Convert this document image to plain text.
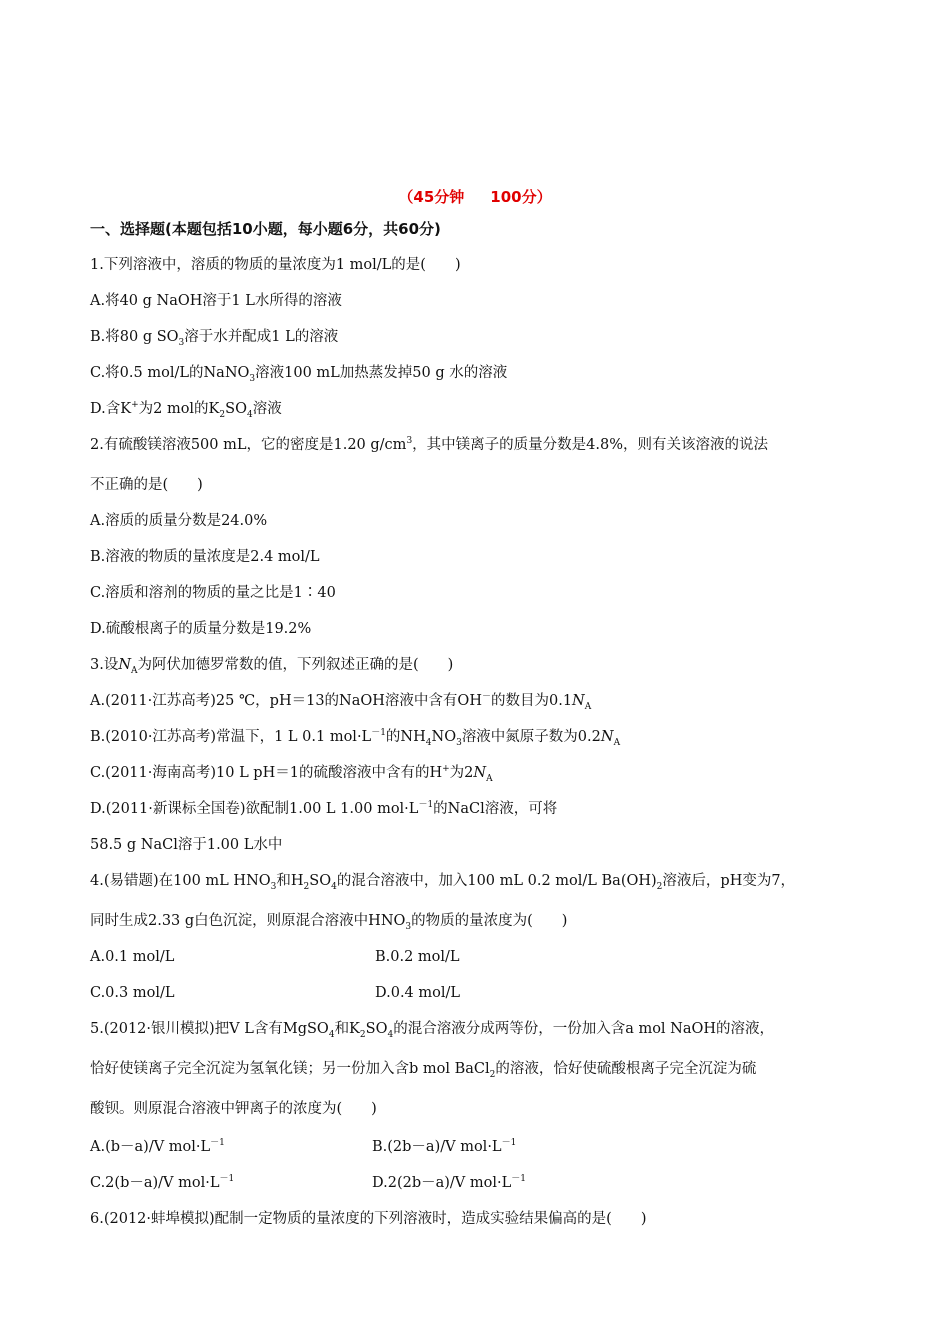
（45分钟 100分）
一、选择题(本题包括10小题，每小题6分，共60分)
1.下列溶液中，溶质的物质的量浓度为1 mol/L的是(　　)
A.将40 g NaOH溶于1 L水所得的溶液
B.将80 g $SO_3$溶于水并配成1 L的溶液
C.将0.5 mol/L的NaNO$_3$溶液100 mL加热蒸发掉50 g 水的溶液
D.含K+为2 mol的$K_2SO_4$溶液
2.有硫酸镁溶液500 mL，它的密度是1.20 $g/cm^3$，其中镁离子的质量分数是4.8%，则有关该溶液的说法
不正确的是(　　)
A.溶质的质量分数是24.0%
B.溶液的物质的量浓度是2.4 mol/L
C.溶质和溶剂的物质的量之比是1∶40
D.硫酸根离子的质量分数是19.2%
3.设$N_A$为阿伏加德罗常数的值，下列叙述正确的是(　　)
A.(2011·江苏高考)25 ℃，pH＝13的NaOH溶液中含有OH－的数目为$0.1N_A$
B.(2010·江苏高考)常温下，1 L 0.1 $mol\cdot L^{-1}$的$NH_4NO_3$溶液中氮原子数为$0.2N_A$
C.(2011·海南高考)10 L pH＝1的硫酸溶液中含有的H+为$2N_A$
D.(2011·新课标全国卷)欲配制1.00 L 1.00 $mol\cdot L^{-1}$的NaCl溶液，可将
58.5 g NaCl溶于1.00 L水中
4.(易错题)在100 mL $HNO_3$和$H_2SO_4$的混合溶液中，加入100 mL 0.2 mol/L $Ba(OH)_2$溶液后，pH变为7，
同时生成2.33 g白色沉淀，则原混合溶液中$HNO_3$的物质的量浓度为(　　)
A.0.1 mol/L	B.0.2 mol/L
C.0.3 mol/L	D.0.4 mol/L
5.(2012·银川模拟)把V L含有MgSO$_4$和$K_2SO_4$的混合溶液分成两等份，一份加入含a mol NaOH的溶液，
恰好使镁离子完全沉淀为氢氧化镁；另一份加入含b mol BaCl$_2$的溶液，恰好使硫酸根离子完全沉淀为硫
酸钡。则原混合溶液中钾离子的浓度为(　　)
A.(b－a)/V $mol\cdot L^{-1}$	B.(2b－a)/V $mol\cdot L^{-1}$
C.2(b－a)/V $mol\cdot L^{-1}$	D.2(2b－a)/V $mol\cdot L^{-1}$
6.(2012·蚌埠模拟)配制一定物质的量浓度的下列溶液时，造成实验结果偏高的是(　　)
